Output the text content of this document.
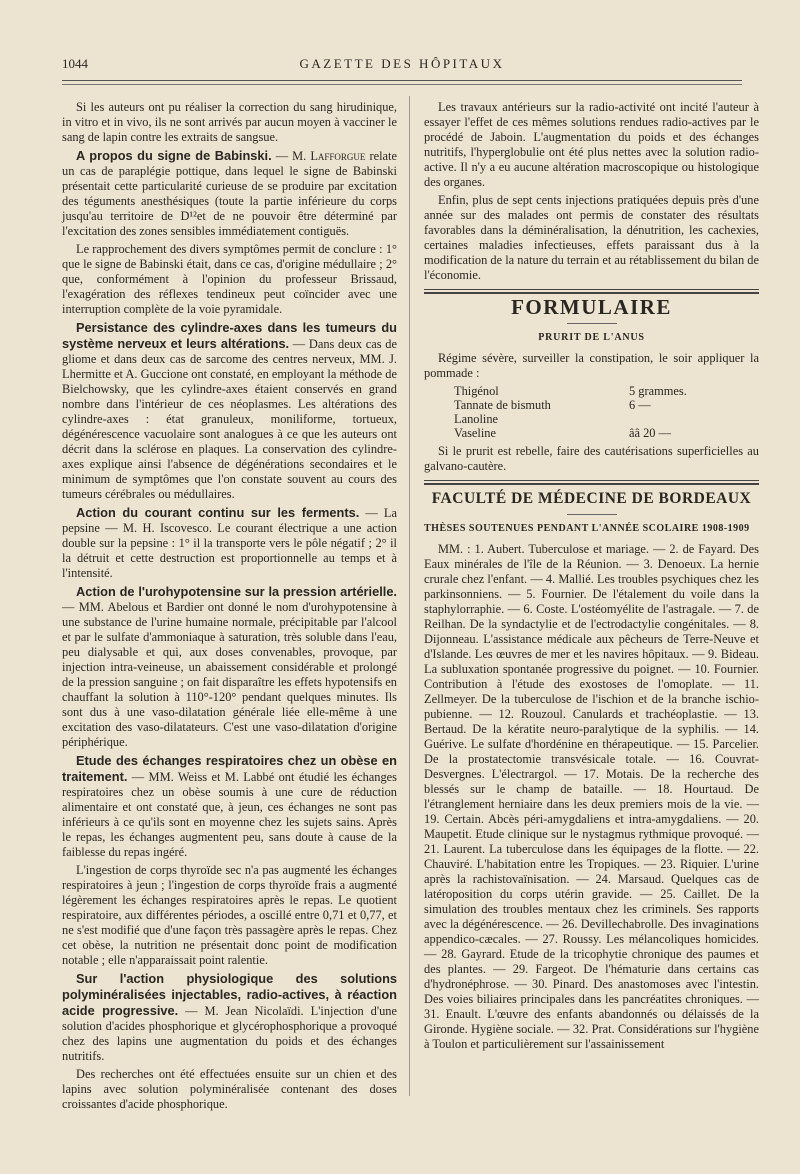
1044	GAZETTE DES HÔPITAUX

Si les auteurs ont pu réaliser la correction du sang hirudinique, in vitro et in vivo, ils ne sont arrivés par aucun moyen à vacciner le sang de lapin contre les extraits de sangsue.

A propos du signe de Babinski. — M. Lafforgue relate un cas de paraplégie pottique, dans lequel le signe de Babinski présentait cette particularité curieuse de se produire par excitation des téguments anesthésiques (toute la partie inférieure du corps jusqu'au territoire de D¹²et de ne pouvoir être déterminé par l'excitation des zones sensibles immédiatement contiguës.

Le rapprochement des divers symptômes permit de conclure : 1° que le signe de Babinski était, dans ce cas, d'origine médullaire ; 2° que, conformément à l'opinion du professeur Brissaud, l'exagération des réflexes tendineux peut coïncider avec une interruption complète de la voie pyramidale.

Persistance des cylindre-axes dans les tumeurs du système nerveux et leurs altérations. — Dans deux cas de gliome et dans deux cas de sarcome des centres nerveux, MM. J. Lhermitte et A. Guccione ont constaté, en employant la méthode de Bielchowsky, que les cylindre-axes étaient conservés en grand nombre dans l'intérieur de ces néoplasmes. Les altérations des cylindre-axes : état granuleux, moniliforme, tortueux, dégénérescence vacuolaire sont analogues à ce que les auteurs ont décrit dans la sclérose en plaques. La conservation des cylindre-axes explique ainsi l'absence de dégénérations secondaires et le minimum de symptômes que l'on constate souvent au cours des tumeurs cérébrales ou médullaires.

Action du courant continu sur les ferments. — La pepsine — M. H. Iscovesco. Le courant électrique a une action double sur la pepsine : 1° il la transporte vers le pôle négatif ; 2° il la détruit et cette destruction est proportionnelle au temps et à l'intensité.

Action de l'urohypotensine sur la pression artérielle. — MM. Abelous et Bardier ont donné le nom d'urohypotensine à une substance de l'urine humaine normale, précipitable par l'alcool et par le sulfate d'ammoniaque à saturation, très soluble dans l'eau, peu dialysable et qui, aux doses convenables, provoque, par injection intra-veineuse, un abaissement considérable et prolongé de la pression sanguine ; on fait disparaître les effets hypotensifs en chauffant la solution à 110°-120° pendant quelques minutes. Ils sont dus à une vaso-dilatation générale liée elle-même à une excitation des vaso-dilatateurs. C'est une vaso-dilatation d'origine périphérique.

Etude des échanges respiratoires chez un obèse en traitement. — MM. Weiss et M. Labbé ont étudié les échanges respiratoires chez un obèse soumis à une cure de réduction alimentaire et ont constaté que, à jeun, ces échanges ne sont pas inférieurs à ce qu'ils sont en moyenne chez les sujets sains. Après le repas, les échanges augmentent peu, sans doute à cause de la faiblesse du repas ingéré.

L'ingestion de corps thyroïde sec n'a pas augmenté les échanges respiratoires à jeun ; l'ingestion de corps thyroïde frais a augmenté légèrement les échanges respiratoires après le repas. Le quotient respiratoire, aux différentes périodes, a oscillé entre 0,71 et 0,77, et ne s'est modifié que d'une façon très passagère après le repas. Chez cet obèse, la nutrition ne présentait donc point de modification notable ; elle n'apparaissait point ralentie.

Sur l'action physiologique des solutions polyminéralisées injectables, radio-actives, à réaction acide progressive. — M. Jean Nicolaïdi. L'injection d'une solution d'acides phosphorique et glycérophosphorique a provoqué chez des lapins une augmentation du poids et des échanges nutritifs.

Des recherches ont été effectuées ensuite sur un chien et des lapins avec solution polyminéralisée contenant des doses croissantes d'acide phosphorique.

Les travaux antérieurs sur la radio-activité ont incité l'auteur à essayer l'effet de ces mêmes solutions rendues radio-actives par le procédé de Jaboin. L'augmentation du poids et des échanges nutritifs, l'hyperglobulie ont été plus nettes avec la solution radio-active. Il n'y a eu aucune altération macroscopique ou histologique des organes.

Enfin, plus de sept cents injections pratiquées depuis près d'une année sur des malades ont permis de constater des résultats favorables dans la déminéralisation, la dénutrition, les cachexies, certaines maladies infectieuses, effets paraissant dus à la modification de la nature du terrain et au rétablissement du bilan de l'économie.

FORMULAIRE
PRURIT DE L'ANUS

Régime sévère, surveiller la constipation, le soir appliquer la pommade :

Thigénol	5 grammes.
Tannate de bismuth	6 —
Lanoline
Vaseline	ââ 20 —

Si le prurit est rebelle, faire des cautérisations superficielles au galvano-cautère.

FACULTÉ DE MÉDECINE DE BORDEAUX
THÈSES SOUTENUES PENDANT L'ANNÉE SCOLAIRE 1908-1909

MM. : 1. Aubert. Tuberculose et mariage. — 2. de Fayard. Des Eaux minérales de l'île de la Réunion. — 3. Denoeux. La hernie crurale chez l'enfant. — 4. Mallié. Les troubles psychiques chez les parkinsonniens. — 5. Fournier. De l'étalement du voile dans la staphylorraphie. — 6. Coste. L'ostéomyélite de l'astragale. — 7. de Reilhan. De la syndactylie et de l'ectrodactylie congénitales. — 8. Dijonneau. L'assistance médicale aux pêcheurs de Terre-Neuve et d'Islande. Les œuvres de mer et les navires hôpitaux. — 9. Bideau. La subluxation spontanée progressive du poignet. — 10. Fournier. Contribution à l'étude des exostoses de l'omoplate. — 11. Zellmeyer. De la tuberculose de l'ischion et de la branche ischio-pubienne. — 12. Rouzoul. Canulards et trachéoplastie. — 13. Bertaud. De la kératite neuro-paralytique de la syphilis. — 14. Guérive. Le sulfate d'hordénine en thérapeutique. — 15. Parcelier. De la prostatectomie transvésicale totale. — 16. Couvrat-Desvergnes. L'électrargol. — 17. Motais. De la recherche des blessés sur le champ de bataille. — 18. Hourtaud. De l'étranglement herniaire dans les deux premiers mois de la vie. — 19. Certain. Abcès péri-amygdaliens et intra-amygdaliens. — 20. Maupetit. Etude clinique sur le nystagmus rythmique provoqué. — 21. Laurent. La tuberculose dans les équipages de la flotte. — 22. Chauviré. L'habitation entre les Tropiques. — 23. Riquier. L'urine après la rachistovaïnisation. — 24. Marsaud. Quelques cas de latéroposition du corps utérin gravide. — 25. Caillet. De la simulation des troubles mentaux chez les criminels. Ses rapports avec la dégénérescence. — 26. Devillechabrolle. Des invaginations appendico-cæcales. — 27. Roussy. Les mélancoliques homicides. — 28. Gayrard. Etude de la tricophytie chronique des paumes et des plantes. — 29. Fargeot. De l'hématurie dans certains cas d'hydronéphrose. — 30. Pinard. Des anastomoses avec l'intestin. Des voies biliaires principales dans les pancréatites chroniques. — 31. Enault. L'œuvre des enfants abandonnés ou délaissés de la Gironde. Hygiène sociale. — 32. Prat. Considérations sur l'hygiène à Toulon et particulièrement sur l'assainissement
